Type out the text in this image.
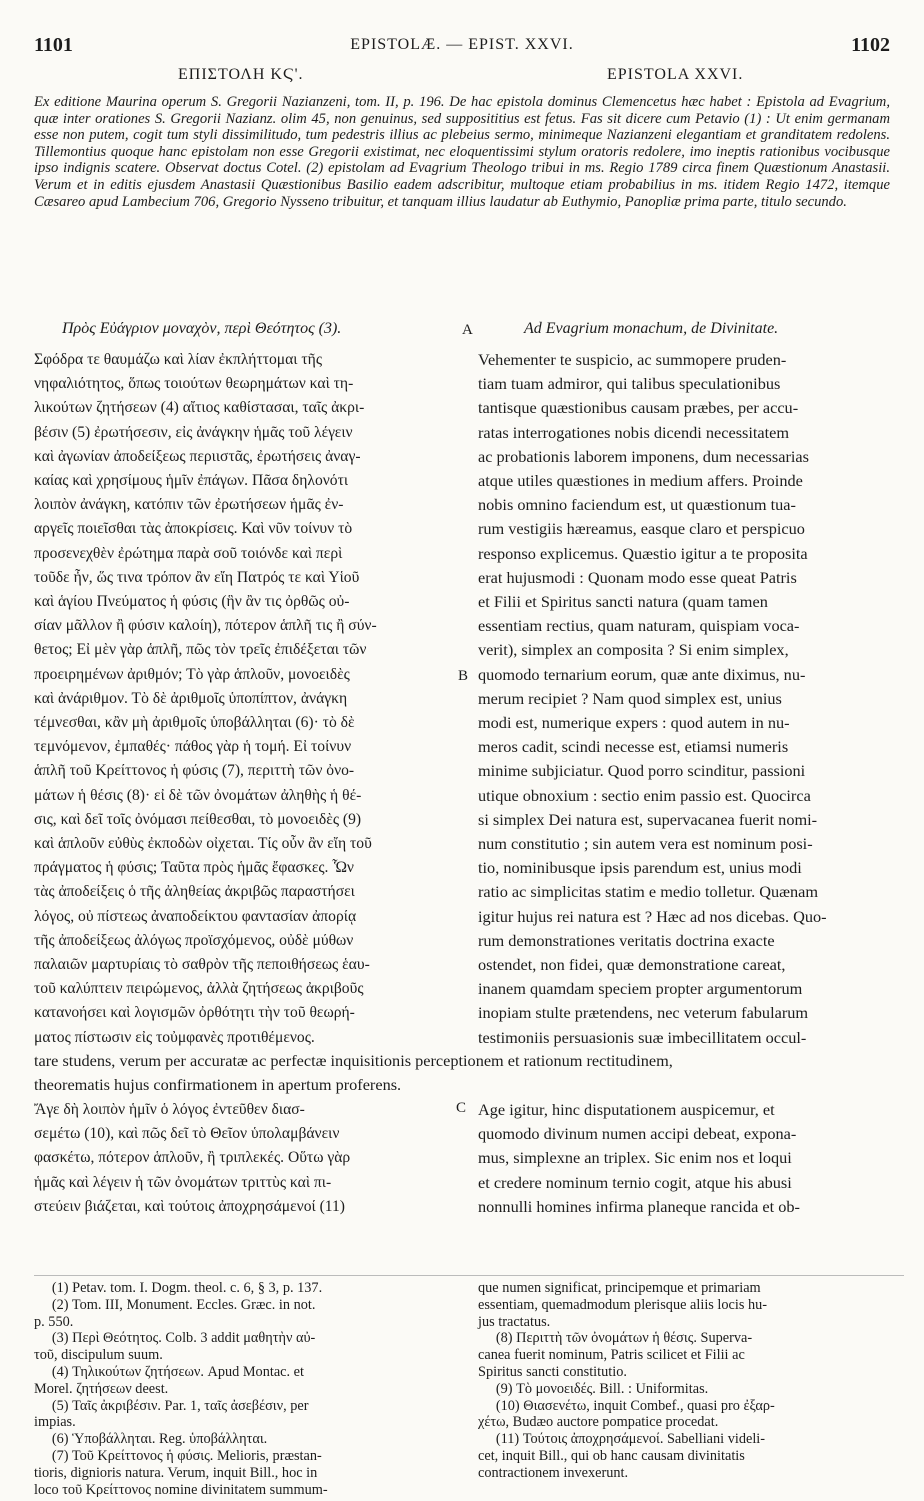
1101	EPISTOLÆ. — EPIST. XXVI.	1102
ΕΠΙΣΤΟΛΗ ΚϚ'.	EPISTOLA XXVI.
Ex editione Maurina operum S. Gregorii Nazianzeni, tom. II, p. 196. De hac epistola dominus Clemencetus hæc habet : Epistola ad Evagrium, quæ inter orationes S. Gregorii Nazianz. olim 45, non genuinus, sed supposititius est fetus. Fas sit dicere cum Petavio (1) : Ut enim germanam esse non putem, cogit tum styli dissimilitudo, tum pedestris illius ac plebeius sermo, minimeque Nazianzeni elegantiam et granditatem redolens. Tillemontius quoque hanc epistolam non esse Gregorii existimat, nec eloquentissimi stylum oratoris redolere, imo ineptis rationibus vocibusque ipso indignis scatere. Observat doctus Cotel. (2) epistolam ad Evagrium Theologo tribui in ms. Regio 1789 circa finem Quæstionum Anastasii. Verum et in editis ejusdem Anastasii Quæstionibus Basilio eadem adscribitur, multoque etiam probabilius in ms. itidem Regio 1472, itemque Cæsareo apud Lambecium 706, Gregorio Nysseno tribuitur, et tanquam illius laudatur ab Euthymio, Panopliæ prima parte, titulo secundo.
Πρὸς Εὐάγριον μοναχὸν, περὶ Θεότητος (3).	A	Ad Evagrium monachum, de Divinitate.
Σφόδρα τε θαυμάζω καὶ λίαν ἐκπλήττομαι τῆς
νηφαλιότητος, ὅπως τοιούτων θεωρημάτων καὶ τη-
λικούτων ζητήσεων (4) αἴτιος καθίστασαι, ταῖς ἀκρι-
βέσιν (5) ἐρωτήσεσιν, εἰς ἀνάγκην ἡμᾶς τοῦ λέγειν
καὶ ἀγωνίαν ἀποδείξεως περιιστᾶς, ἐρωτήσεις ἀναγ-
καίας καὶ χρησίμους ἡμῖν ἐπάγων. Πᾶσα δηλονότι
λοιπὸν ἀνάγκη, κατόπιν τῶν ἐρωτήσεων ἡμᾶς ἐν-
αργεῖς ποιεῖσθαι τὰς ἀποκρίσεις. Καὶ νῦν τοίνυν τὸ
προσενεχθὲν ἐρώτημα παρὰ σοῦ τοιόνδε καὶ περὶ
τοῦδε ἦν, ὥς τινα τρόπον ἂν εἴη Πατρός τε καὶ Υἱοῦ
καὶ ἁγίου Πνεύματος ἡ φύσις (ἣν ἂν τις ὀρθῶς οὐ-
σίαν μᾶλλον ἢ φύσιν καλοίη), πότερον ἁπλῆ τις ἢ σύν-
θετος; Εἰ μὲν γὰρ ἁπλῆ, πῶς τὸν τρεῖς ἐπιδέξεται τῶν
προειρημένων ἀριθμόν; Τὸ γὰρ ἁπλοῦν, μονοειδὲς
καὶ ἀνάριθμον. Τὸ δὲ ἀριθμοῖς ὑποπίπτον, ἀνάγκη
τέμνεσθαι, κἂν μὴ ἀριθμοῖς ὑποβάλληται (6)· τὸ δὲ
τεμνόμενον, ἐμπαθές· πάθος γὰρ ἡ τομή. Εἰ τοίνυν
ἁπλῆ τοῦ Κρείττονος ἡ φύσις (7), περιττὴ τῶν ὀνο-
μάτων ἡ θέσις (8)· εἰ δὲ τῶν ὀνομάτων ἀληθὴς ἡ θέ-
σις, καὶ δεῖ τοῖς ὀνόμασι πείθεσθαι, τὸ μονοειδὲς (9)
καὶ ἁπλοῦν εὐθὺς ἐκποδὼν οἰχεται. Τίς οὖν ἂν εἴη τοῦ
πράγματος ἡ φύσις; Ταῦτα πρὸς ἡμᾶς ἔφασκες. Ὧν
τὰς ἀποδείξεις ὁ τῆς ἀληθείας ἀκριβῶς παραστήσει
λόγος, οὐ πίστεως ἀναποδείκτου φαντασίαν ἀπορίᾳ
τῆς ἀποδείξεως ἀλόγως προϊσχόμενος, οὐδὲ μύθων
παλαιῶν μαρτυρίαις τὸ σαθρὸν τῆς πεποιθήσεως ἑαυ-
τοῦ καλύπτειν πειρώμενος, ἀλλὰ ζητήσεως ἀκριβοῦς
κατανοήσει καὶ λογισμῶν ὀρθότητι τὴν τοῦ θεωρή-
ματος πίστωσιν εἰς τοὐμφανὲς προτιθέμενος.
B
Vehementer te suspicio, ac summopere pruden-
tiam tuam admiror, qui talibus speculationibus
tantisque quæstionibus causam præbes, per accu-
ratas interrogationes nobis dicendi necessitatem
ac probationis laborem imponens, dum necessarias
atque utiles quæstiones in medium affers. Proinde
nobis omnino faciendum est, ut quæstionum tua-
rum vestigiis hæreamus, easque claro et perspicuo
responso explicemus. Quæstio igitur a te proposita
erat hujusmodi : Quonam modo esse queat Patris
et Filii et Spiritus sancti natura (quam tamen
essentiam rectius, quam naturam, quispiam voca-
verit), simplex an composita ? Si enim simplex,
quomodo ternarium eorum, quæ ante diximus, nu-
merum recipiet ? Nam quod simplex est, unius
modi est, numerique expers : quod autem in nu-
meros cadit, scindi necesse est, etiamsi numeris
minime subjiciatur. Quod porro scinditur, passioni
utique obnoxium : sectio enim passio est. Quocirca
si simplex Dei natura est, supervacanea fuerit nomi-
num constitutio ; sin autem vera est nominum posi-
tio, nominibusque ipsis parendum est, unius modi
ratio ac simplicitas statim e medio tolletur. Quænam
igitur hujus rei natura est ? Hæc ad nos dicebas. Quo-
rum demonstrationes veritatis doctrina exacte
ostendet, non fidei, quæ demonstratione careat,
inanem quamdam speciem propter argumentorum
inopiam stulte prætendens, nec veterum fabularum
testimoniis persuasionis suæ imbecillitatem occul-
tare studens, verum per accuratæ ac perfectæ inquisitionis perceptionem et rationum rectitudinem,
theorematis hujus confirmationem in apertum proferens.
Ἄγε δὴ λοιπὸν ἡμῖν ὁ λόγος ἐντεῦθεν διασ-
σεμέτω (10), καὶ πῶς δεῖ τὸ Θεῖον ὑπολαμβάνειν
φασκέτω, πότερον ἁπλοῦν, ἢ τριπλεκές. Οὕτω γὰρ
ἡμᾶς καὶ λέγειν ἡ τῶν ὀνομάτων τριττὺς καὶ πι-
στεύειν βιάζεται, καὶ τούτοις ἀποχρησάμενοί (11)
C Age igitur, hinc disputationem auspicemur, et
quomodo divinum numen accipi debeat, expona-
mus, simplexne an triplex. Sic enim nos et loqui
et credere nominum ternio cogit, atque his abusi
nonnulli homines infirma planeque rancida et ob-
(1) Petav. tom. I. Dogm. theol. c. 6, § 3, p. 137.
(2) Tom. III, Monument. Eccles. Græc. in not.
p. 550.
(3) Περὶ Θεότητος. Colb. 3 addit μαθητὴν αὐ-
τοῦ, discipulum suum.
(4) Τηλικούτων ζητήσεων. Apud Montac. et
Morel. ζητήσεων deest.
(5) Ταῖς ἀκριβέσιν. Par. 1, ταῖς ἀσεβέσιν, per
impias.
(6) Ὑποβάλληται. Reg. ὑποβάλληται.
(7) Τοῦ Κρείττονος ἡ φύσις. Melioris, præstan-
tioris, dignioris natura. Verum, inquit Bill., hoc in
loco τοῦ Κρείττονος nomine divinitatem summum-
que numen significat, principemque et primariam
essentiam, quemadmodum plerisque aliis locis hu-
jus tractatus.
(8) Περιττὴ τῶν ὀνομάτων ἡ θέσις. Superva-
canea fuerit nominum, Patris scilicet et Filii ac
Spiritus sancti constitutio.
(9) Τὸ μονοειδές. Bill. : Uniformitas.
(10) Θιασενέτω, inquit Combef., quasi pro ἐξαρ-
χέτω, Budæo auctore pompatice procedat.
(11) Τούτοις ἀποχρησάμενοί. Sabelliani videli-
cet, inquit Bill., qui ob hanc causam divinitatis
contractionem invexerunt.
